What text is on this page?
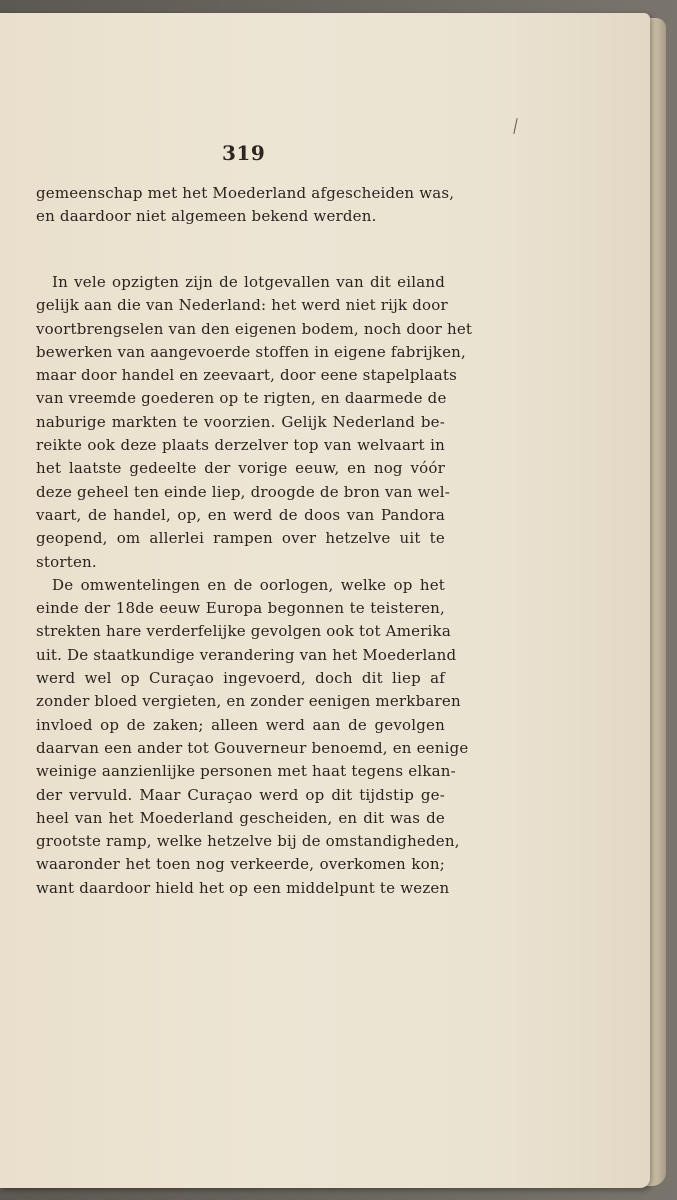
319
gemeenschap met het Moederland afgescheiden was,
en daardoor niet algemeen bekend werden.
In vele opzigten zijn de lotgevallen van dit eiland
gelijk aan die van Nederland: het werd niet rijk door
voortbrengselen van den eigenen bodem, noch door het
bewerken van aangevoerde stoffen in eigene fabrijken,
maar door handel en zeevaart, door eene stapelplaats
van vreemde goederen op te rigten, en daarmede de
naburige markten te voorzien. Gelijk Nederland be-
reikte ook deze plaats derzelver top van welvaart in
het laatste gedeelte der vorige eeuw, en nog vóór
deze geheel ten einde liep, droogde de bron van wel-
vaart, de handel, op, en werd de doos van Pandora
geopend, om allerlei rampen over hetzelve uit te
storten.
De omwentelingen en de oorlogen, welke op het
einde der 18de eeuw Europa begonnen te teisteren,
strekten hare verderfelijke gevolgen ook tot Amerika
uit. De staatkundige verandering van het Moederland
werd wel op Curaçao ingevoerd, doch dit liep af
zonder bloed vergieten, en zonder eenigen merkbaren
invloed op de zaken; alleen werd aan de gevolgen
daarvan een ander tot Gouverneur benoemd, en eenige
weinige aanzienlijke personen met haat tegens elkan-
der vervuld. Maar Curaçao werd op dit tijdstip ge-
heel van het Moederland gescheiden, en dit was de
grootste ramp, welke hetzelve bij de omstandigheden,
waaronder het toen nog verkeerde, overkomen kon;
want daardoor hield het op een middelpunt te wezen
